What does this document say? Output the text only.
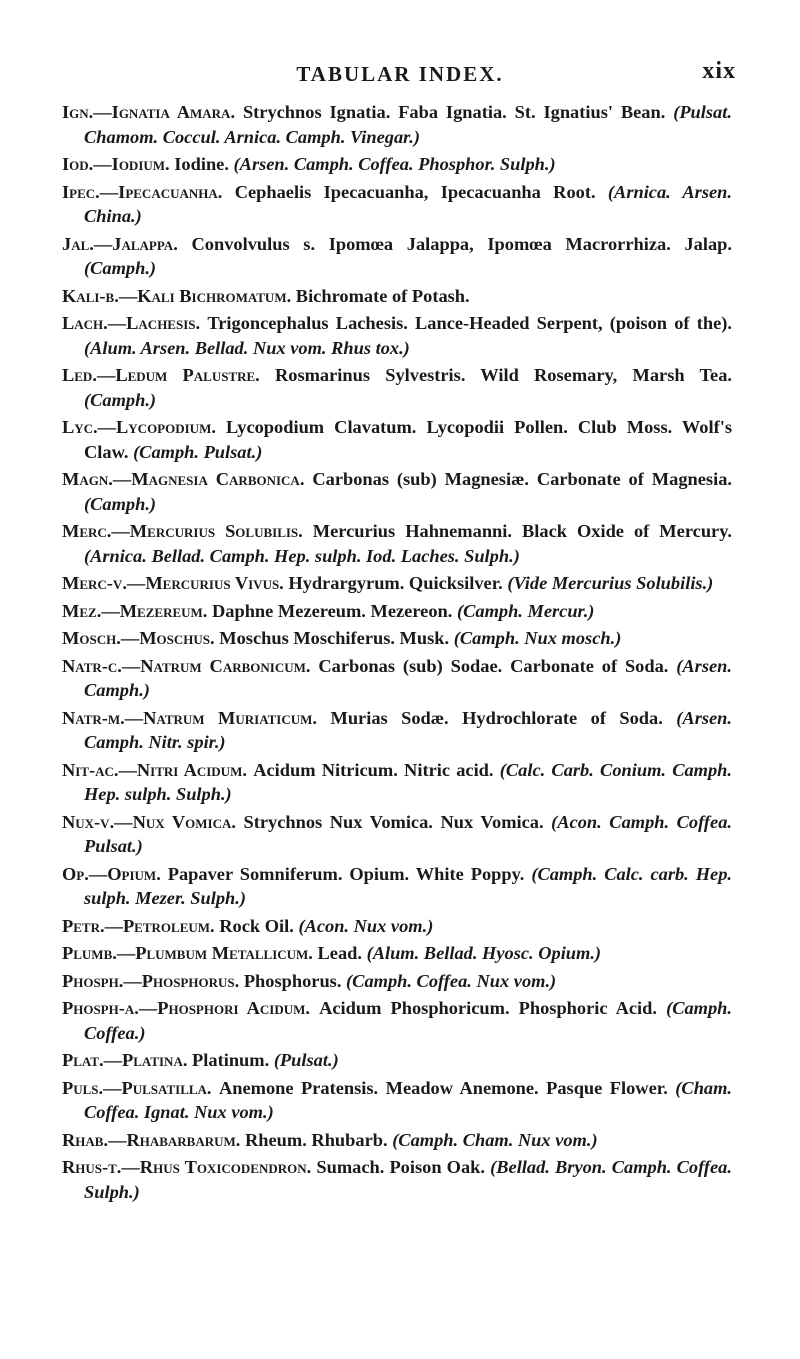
TABULAR INDEX.	xix

Ign.—Ignatia Amara. Strychnos Ignatia. Faba Ignatia. St. Ignatius' Bean. (Pulsat. Chamom. Coccul. Arnica. Camph. Vinegar.)

Iod.—Iodium. Iodine. (Arsen. Camph. Coffea. Phosphor. Sulph.)

Ipec.—Ipecacuanha. Cephaelis Ipecacuanha, Ipecacuanha Root. (Arnica. Arsen. China.)

Jal.—Jalappa. Convolvulus s. Ipomœa Jalappa, Ipomœa Macrorrhiza. Jalap. (Camph.)

Kali-b.—Kali Bichromatum. Bichromate of Potash.

Lach.—Lachesis. Trigoncephalus Lachesis. Lance-Headed Serpent, (poison of the). (Alum. Arsen. Bellad. Nux vom. Rhus tox.)

Led.—Ledum Palustre. Rosmarinus Sylvestris. Wild Rosemary, Marsh Tea. (Camph.)

Lyc.—Lycopodium. Lycopodium Clavatum. Lycopodii Pollen. Club Moss. Wolf's Claw. (Camph. Pulsat.)

Magn.—Magnesia Carbonica. Carbonas (sub) Magnesiæ. Carbonate of Magnesia. (Camph.)

Merc.—Mercurius Solubilis. Mercurius Hahnemanni. Black Oxide of Mercury. (Arnica. Bellad. Camph. Hep. sulph. Iod. Laches. Sulph.)

Merc-v.—Mercurius Vivus. Hydrargyrum. Quicksilver. (Vide Mercurius Solubilis.)

Mez.—Mezereum. Daphne Mezereum. Mezereon. (Camph. Mercur.)

Mosch.—Moschus. Moschus Moschiferus. Musk. (Camph. Nux mosch.)

Natr-c.—Natrum Carbonicum. Carbonas (sub) Sodae. Carbonate of Soda. (Arsen. Camph.)

Natr-m.—Natrum Muriaticum. Murias Sodæ. Hydrochlorate of Soda. (Arsen. Camph. Nitr. spir.)

Nit-ac.—Nitri Acidum. Acidum Nitricum. Nitric acid. (Calc. Carb. Conium. Camph. Hep. sulph. Sulph.)

Nux-v.—Nux Vomica. Strychnos Nux Vomica. Nux Vomica. (Acon. Camph. Coffea. Pulsat.)

Op.—Opium. Papaver Somniferum. Opium. White Poppy. (Camph. Calc. carb. Hep. sulph. Mezer. Sulph.)

Petr.—Petroleum. Rock Oil. (Acon. Nux vom.)

Plumb.—Plumbum Metallicum. Lead. (Alum. Bellad. Hyosc. Opium.)

Phosph.—Phosphorus. Phosphorus. (Camph. Coffea. Nux vom.)

Phosph-a.—Phosphori Acidum. Acidum Phosphoricum. Phosphoric Acid. (Camph. Coffea.)

Plat.—Platina. Platinum. (Pulsat.)

Puls.—Pulsatilla. Anemone Pratensis. Meadow Anemone. Pasque Flower. (Cham. Coffea. Ignat. Nux vom.)

Rhab.—Rhabarbarum. Rheum. Rhubarb. (Camph. Cham. Nux vom.)

Rhus-t.—Rhus Toxicodendron. Sumach. Poison Oak. (Bellad. Bryon. Camph. Coffea. Sulph.)
